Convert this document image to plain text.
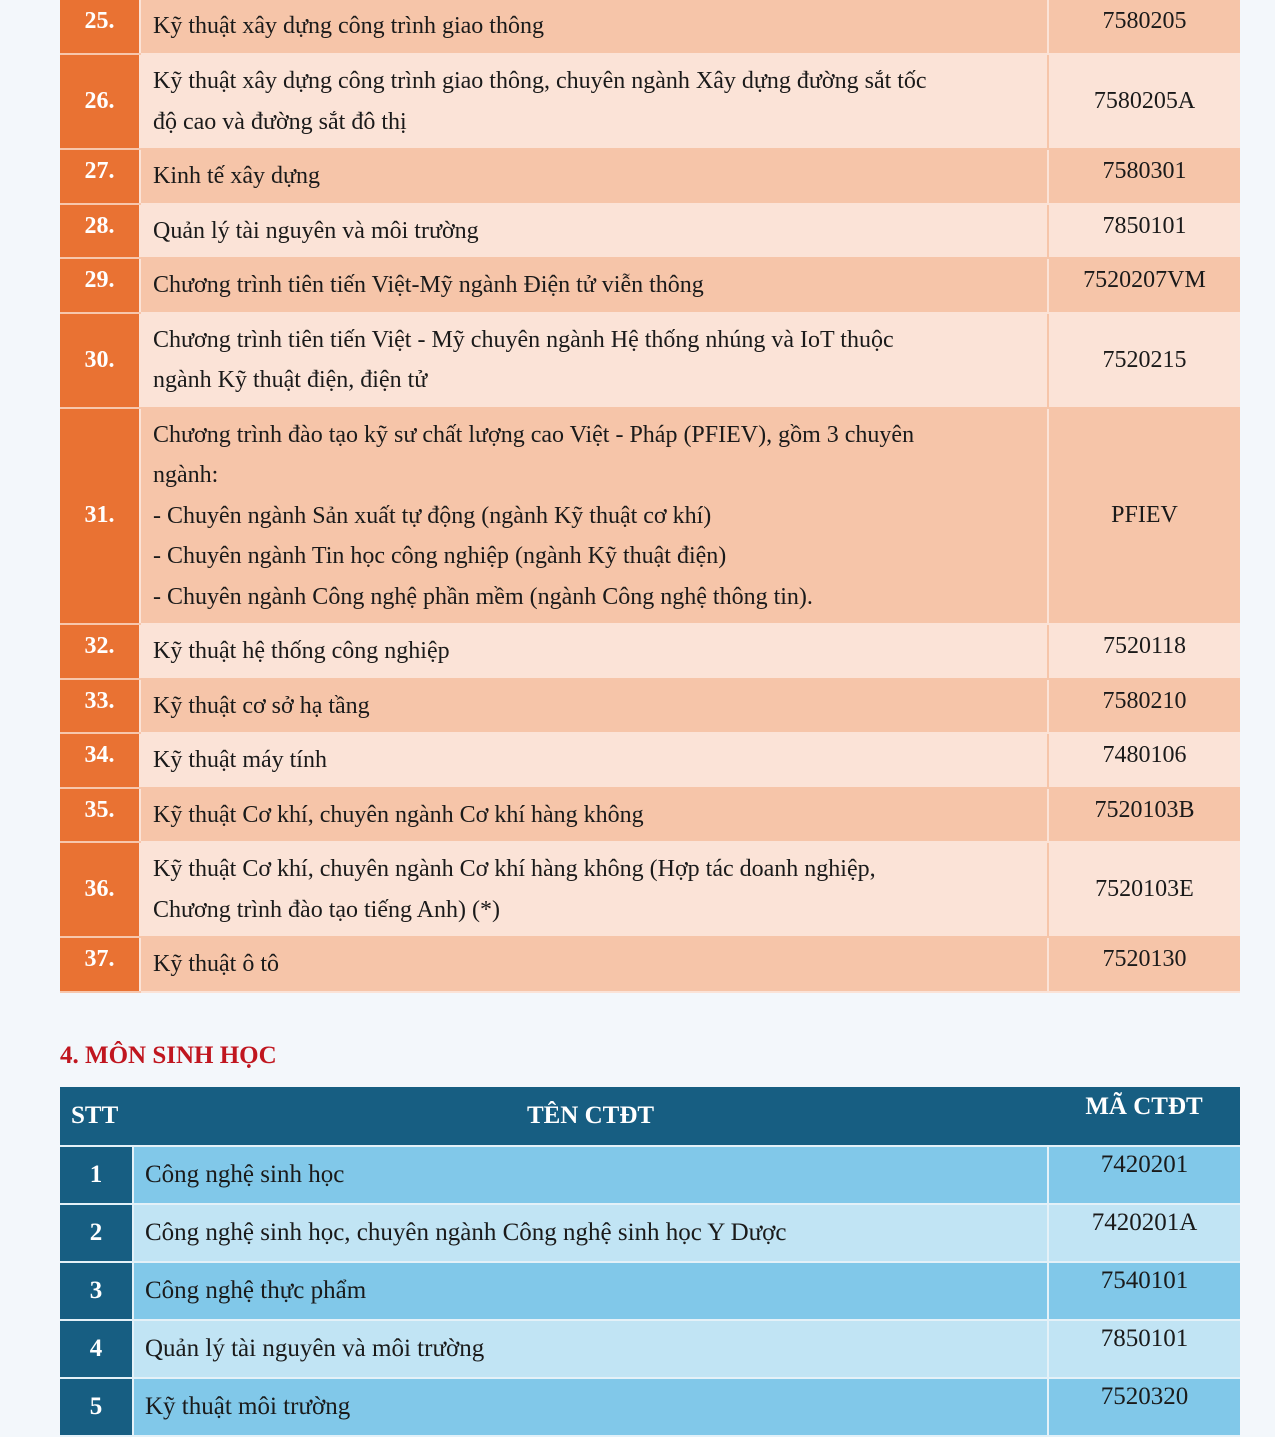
25.	Kỹ thuật xây dựng công trình giao thông	7580205
26.	Kỹ thuật xây dựng công trình giao thông, chuyên ngành Xây dựng đường sắt tốc
độ cao và đường sắt đô thị	7580205A
27.	Kinh tế xây dựng	7580301
28.	Quản lý tài nguyên và môi trường	7850101
29.	Chương trình tiên tiến Việt-Mỹ ngành Điện tử viễn thông	7520207VM
30.	Chương trình tiên tiến Việt - Mỹ chuyên ngành Hệ thống nhúng và IoT thuộc
ngành Kỹ thuật điện, điện tử	7520215
31.	Chương trình đào tạo kỹ sư chất lượng cao Việt - Pháp (PFIEV), gồm 3 chuyên
ngành:
- Chuyên ngành Sản xuất tự động (ngành Kỹ thuật cơ khí)
- Chuyên ngành Tin học công nghiệp (ngành Kỹ thuật điện)
- Chuyên ngành Công nghệ phần mềm (ngành Công nghệ thông tin).	PFIEV
32.	Kỹ thuật hệ thống công nghiệp	7520118
33.	Kỹ thuật cơ sở hạ tầng	7580210
34.	Kỹ thuật máy tính	7480106
35.	Kỹ thuật Cơ khí, chuyên ngành Cơ khí hàng không	7520103B
36.	Kỹ thuật Cơ khí, chuyên ngành Cơ khí hàng không (Hợp tác doanh nghiệp,
Chương trình đào tạo tiếng Anh) (*)	7520103E
37.	Kỹ thuật ô tô	7520130
4. MÔN SINH HỌC
STT	TÊN CTĐT	MÃ CTĐT
1	Công nghệ sinh học	7420201
2	Công nghệ sinh học, chuyên ngành Công nghệ sinh học Y Dược	7420201A
3	Công nghệ thực phẩm	7540101
4	Quản lý tài nguyên và môi trường	7850101
5	Kỹ thuật môi trường	7520320
